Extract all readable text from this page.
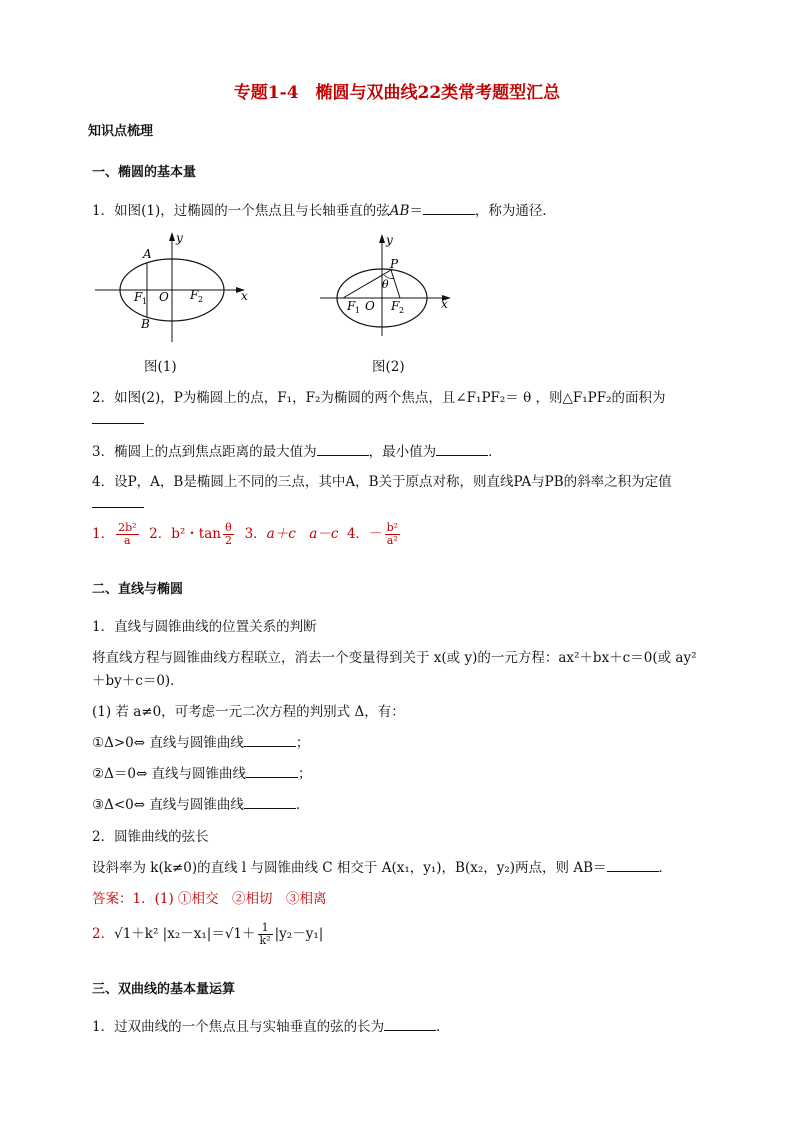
专题1-4　椭圆与双曲线22类常考题型汇总
知识点梳理
一、椭圆的基本量
1．如图(1)，过椭圆的一个焦点且与长轴垂直的弦AB＝	，称为通径．
A
B
F 1 O F 2	x
y
图(1)
P
θ
F 1 O F 2	x
y
图(2)
2．如图(2)，P为椭圆上的点，F₁，F₂为椭圆的两个焦点，且∠F₁PF₂＝ θ ，则△F₁PF₂的面积为
3．椭圆上的点到焦点距离的最大值为	，最小值为	．
4．设P，A，B是椭圆上不同的三点，其中A，B关于原点对称，则直线PA与PB的斜率之积为定值
1． $\frac{\text{2b²}}{a} 2$．b²・$\tan \frac{\theta}{2} 3$．a＋c　a－c 4．－ $\frac{\text{b²}}{\text{a²}}$
二、直线与椭圆
1．直线与圆锥曲线的位置关系的判断
将直线方程与圆锥曲线方程联立，消去一个变量得到关于 x(或 y)的一元方程：ax²＋bx＋c＝0(或 ay²
＋by＋c＝0)．
(1) 若 a≠0，可考虑一元二次方程的判别式 Δ，有：
①Δ>0⇔ 直线与圆锥曲线	；
②Δ＝0⇔ 直线与圆锥曲线	；
③Δ<0⇔ 直线与圆锥曲线	．
2．圆锥曲线的弦长
设斜率为 k(k≠0)的直线 l 与圆锥曲线 C 相交于 A(x₁，y₁)，B(x₂，y₂)两点，则 AB＝	．
答案：1．(1) ①相交　②相切　③相离
2．√1＋k² $|x_2-x_1|=√1+ \frac{1}{\text{k²}} |y_2-y_1|$
三、双曲线的基本量运算
1．过双曲线的一个焦点且与实轴垂直的弦的长为	．
